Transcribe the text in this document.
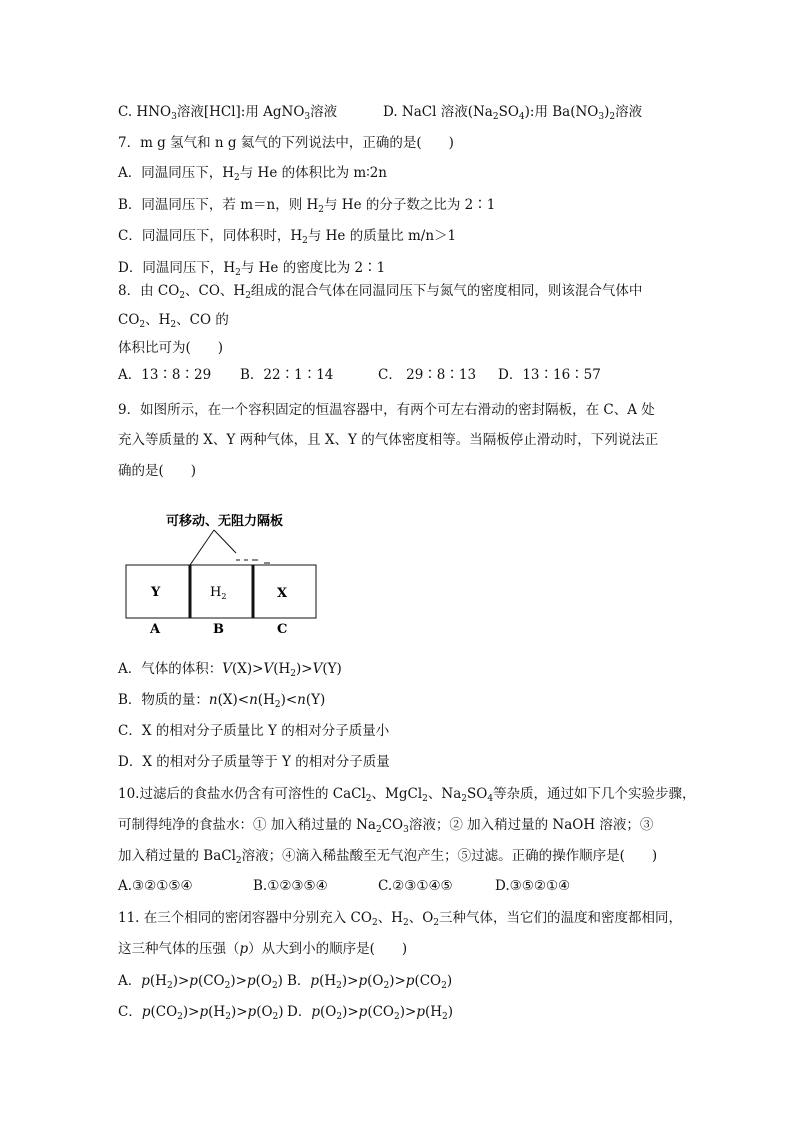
C. $HNO_3$溶液[HCl]:用 AgNO$_3$溶液	D. NaCl 溶液$(Na_2SO_4)$:用 $Ba(NO_3)_2$溶液
7．m g 氢气和 n g 氦气的下列说法中，正确的是(　　)
A．同温同压下，$H_2$与 He 的体积比为 m∶2n
B．同温同压下，若 m＝n，则 $H_2$与 He 的分子数之比为 2∶1
C．同温同压下，同体积时，$H_2$与 He 的质量比 m/n＞1
D．同温同压下，$H_2$与 He 的密度比为 2∶1
8．由 $CO_2$、CO、$H_2$组成的混合气体在同温同压下与氮气的密度相同，则该混合气体中
$CO_2$、$H_2$、CO 的
体积比可为(　　)
A．13∶8∶29 B．22∶1∶14	C． 29∶8∶13 D．13∶16∶57
9．如图所示，在一个容积固定的恒温容器中，有两个可左右滑动的密封隔板，在 C、A 处
充入等质量的 X、Y 两种气体，且 X、Y 的气体密度相等。当隔板停止滑动时，下列说法正
确的是(　　)
可移动、无阻力隔板
Y	$H_2$	X
A	B	C
A．气体的体积：$V(X)>V(H_2)>V(Y)$
B．物质的量：$n(X)<n(H_2)<n(Y)$
C．X 的相对分子质量比 Y 的相对分子质量小
D．X 的相对分子质量等于 Y 的相对分子质量
10.过滤后的食盐水仍含有可溶性的 CaCl$_2$、MgCl$_2$、$Na_2SO_4$等杂质，通过如下几个实验步骤，
可制得纯净的食盐水：① 加入稍过量的 $Na_2CO_3$溶液；② 加入稍过量的 NaOH 溶液；③
加入稍过量的 BaCl$_2$溶液；④滴入稀盐酸至无气泡产生；⑤过滤。正确的操作顺序是(　　)
A.③②①⑤④	B.①②③⑤④	C.②③①④⑤	D.③⑤②①④
11. 在三个相同的密闭容器中分别充入 $CO_2$、$H_2$、$O_2$三种气体，当它们的温度和密度都相同，
这三种气体的压强（p）从大到小的顺序是(　　)
A．$p(H_2)>p(CO_2)>p(O_2)$ B．$p(H_2)>p(O_2)>p(CO_2)$
C．$p(CO_2)>p(H_2)>p(O_2)$ D．$p(O_2)>p(CO_2)>p(H_2)$
